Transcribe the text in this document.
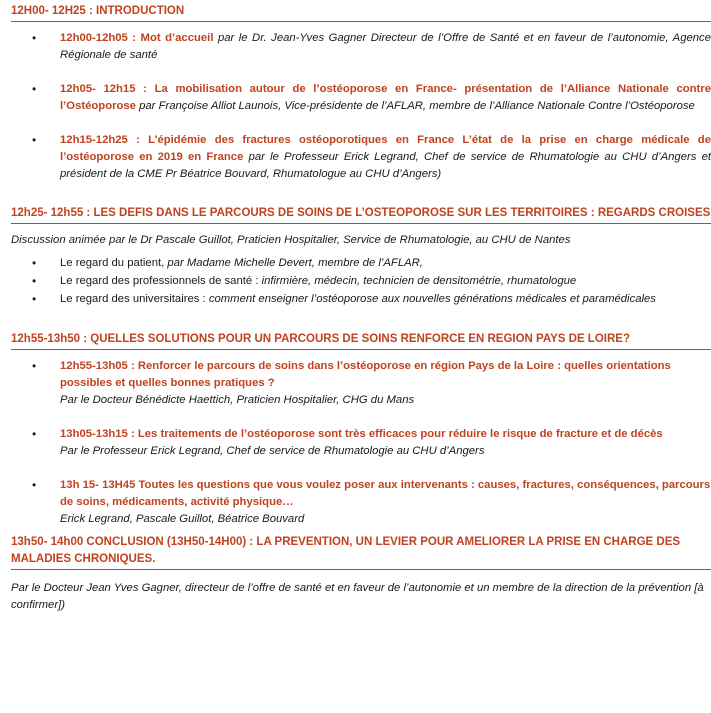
12H00- 12H25 : INTRODUCTION
• 12h00-12h05 : Mot d’accueil par le Dr. Jean-Yves Gagner Directeur de l’Offre de Santé et en faveur de l’autonomie, Agence Régionale de santé
• 12h05- 12h15 : La mobilisation autour de l’ostéoporose en France- présentation de l’Alliance Nationale contre l’Ostéoporose par Françoise Alliot Launois, Vice-présidente de l’AFLAR, membre de l’Alliance Nationale Contre l’Ostéoporose
• 12h15-12h25 : L’épidémie des fractures ostéoporotiques en France L’état de la prise en charge médicale de l’ostéoporose en 2019 en France par le Professeur Erick Legrand, Chef de service de Rhumatologie au CHU d’Angers et président de la CME Pr Béatrice Bouvard, Rhumatologue au CHU d’Angers)
12h25- 12h55 : LES DEFIS DANS LE PARCOURS DE SOINS DE L’OSTEOPOROSE SUR LES TERRITOIRES : REGARDS CROISES

Discussion animée par le Dr Pascale Guillot, Praticien Hospitalier, Service de Rhumatologie, au CHU de Nantes

• Le regard du patient, par Madame Michelle Devert, membre de l’AFLAR,
• Le regard des professionnels de santé : infirmière, médecin, technicien de densitométrie, rhumatologue
• Le regard des universitaires : comment enseigner l’ostéoporose aux nouvelles générations médicales et paramédicales
12h55-13h50 : QUELLES SOLUTIONS POUR UN PARCOURS DE SOINS RENFORCE EN REGION PAYS DE LOIRE?
• 12h55-13h05 : Renforcer le parcours de soins dans l’ostéoporose en région Pays de la Loire : quelles orientations possibles et quelles bonnes pratiques ?
Par le Docteur Bénédicte Haettich, Praticien Hospitalier, CHG du Mans
• 13h05-13h15 : Les traitements de l’ostéoporose sont très efficaces pour réduire le risque de fracture et de décès
Par le Professeur Erick Legrand, Chef de service de Rhumatologie au CHU d’Angers
• 13h 15- 13H45 Toutes les questions que vous voulez poser aux intervenants : causes, fractures, conséquences, parcours de soins, médicaments, activité physique…
Erick Legrand, Pascale Guillot, Béatrice Bouvard
13h50- 14h00 CONCLUSION (13H50-14H00) : LA PREVENTION, UN LEVIER POUR AMELIORER LA PRISE EN CHARGE DES MALADIES CHRONIQUES.

Par le Docteur Jean Yves Gagner, directeur de l’offre de santé et en faveur de l’autonomie et un membre de la direction de la prévention [à confirmer])
